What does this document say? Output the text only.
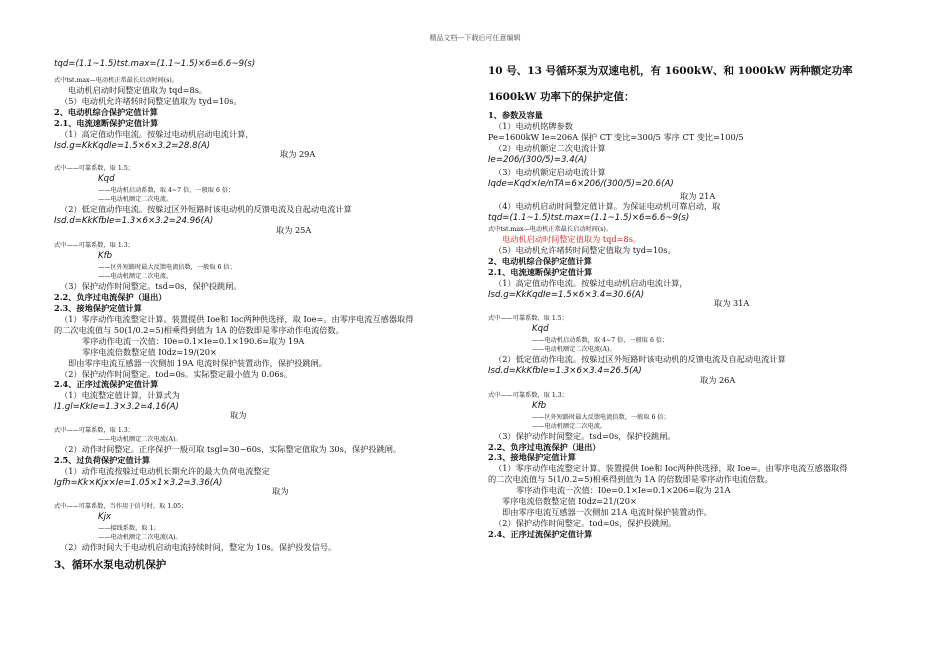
精品文档---下载后可任意编辑
tqd=(1.1~1.5)tst.max=(1.1~1.5)×6=6.6~9(s)
式中tst.max—电动机正常最长启动时间(s)。
电动机启动时间整定值取为 tqd=8s。
（5）电动机允许堵转时间整定值取为 tyd=10s。
2、电动机综合保护定值计算
2.1、电流速断保护定值计算
（1）高定值动作电流。按躲过电动机启动电流计算，
Isd.g=KkKqdIe=1.5×6×3.2=28.8(A)
取为 29A
式中——可靠系数，取 1.5；
Kqd
——电动机启动系数，取 4~7 倍，一般取 6 倍；
——电动机额定二次电流。
（2）低定值动作电流。按躲过区外短路时该电动机的反馈电流及自起动电流计算
Isd.d=KkKfbIe=1.3×6×3.2=24.96(A)
取为 25A
式中——可靠系数，取 1.3；
Kfb
——区外短路时最大反馈电流倍数，一般取 6 倍；
——电动机额定二次电流。
（3）保护动作时间整定。tsd=0s，保护投跳闸。
2.2、负序过电流保护（退出）
2.3、接地保护定值计算
（1）零序动作电流整定计算。装置提供 Ioe和 Ioc两种供选择，取 Ioe=。由零序电流互感器取得
的二次电流值与 50(1/0.2=5)相乘得到值为 1A 的倍数即是零序动作电流倍数。
零序动作电流一次值：I0e=0.1×Ie=0.1×190.6=取为 19A
零序电流倍数整定值 I0dz=19/(20×
即由零序电流互感器一次侧加 19A 电流时保护装置动作，保护投跳闸。
（2）保护动作时间整定。tod=0s。实际整定最小值为 0.06s。
2.4、正序过流保护定值计算
（1）电流整定值计算，计算式为
I1.gl=KkIe=1.3×3.2=4.16(A)
取为
式中——可靠系数，取 1.3；
——电动机额定二次电流(A)。
（2）动作时间整定。正序保护一般可取 tsgl=30~60s，实际整定值取为 30s，保护投跳闸。
2.5、过负荷保护定值计算
（1）动作电流按躲过电动机长期允许的最大负荷电流整定
Igfh=Kk×Kjx×Ie=1.05×1×3.2=3.36(A)
取为
式中——可靠系数，当作用于信号时，取 1.05；
Kjx
——接线系数，取 1；
——电动机额定二次电流(A)。
（2）动作时间大于电动机启动电流持续时间，整定为 10s。保护投发信号。
3、循环水泵电动机保护
10 号、13 号循环泵为双速电机，有 1600kW、和 1000kW 两种额定功率
1600kW 功率下的保护定值：
1、参数及容量
（1）电动机铭牌参数
Pe=1600kW Ie=206A 保护 CT 变比=300/5 零序 CT 变比=100/5
（2）电动机额定二次电流计算
Ie=206/(300/5)=3.4(A)
（3）电动机额定启动电流计算
Iqde=Kqd×Ie/nTA=6×206/(300/5)=20.6(A)
取为 21A
（4）电动机启动时间整定值计算。为保证电动机可靠启动，取
tqd=(1.1~1.5)tst.max=(1.1~1.5)×6=6.6~9(s)
式中tst.max—电动机正常最长启动时间(s)。
电动机启动时间整定值取为 tqd=8s。
（5）电动机允许堵转时间整定值取为 tyd=10s。
2、电动机综合保护定值计算
2.1、电流速断保护定值计算
（1）高定值动作电流。按躲过电动机启动电流计算，
Isd.g=KkKqdIe=1.5×6×3.4=30.6(A)
取为 31A
式中——可靠系数，取 1.5；
Kqd
——电动机启动系数，取 4~7 倍，一般取 6 倍；
——电动机额定二次电流(A)。
（2）低定值动作电流。按躲过区外短路时该电动机的反馈电流及自起动电流计算
Isd.d=KkKfbIe=1.3×6×3.4=26.5(A)
取为 26A
式中——可靠系数，取 1.3；
Kfb
——区外短路时最大反馈电流倍数，一般取 6 倍；
——电动机额定二次电流。
（3）保护动作时间整定。tsd=0s，保护投跳闸。
2.2、负序过电流保护（退出）
2.3、接地保护定值计算
（1）零序动作电流整定计算。装置提供 Ioe和 Ioc两种供选择，取 Ioe=。由零序电流互感器取得
的二次电流值与 5(1/0.2=5)相乘得到值为 1A 的倍数即是零序动作电流倍数。
零序动作电流一次值：I0e=0.1×Ie=0.1×206=取为 21A
零序电流倍数整定值 I0dz=21/(20×
即由零序电流互感器一次侧加 21A 电流时保护装置动作。
（2）保护动作时间整定。tod=0s，保护投跳闸。
2.4、正序过流保护定值计算
